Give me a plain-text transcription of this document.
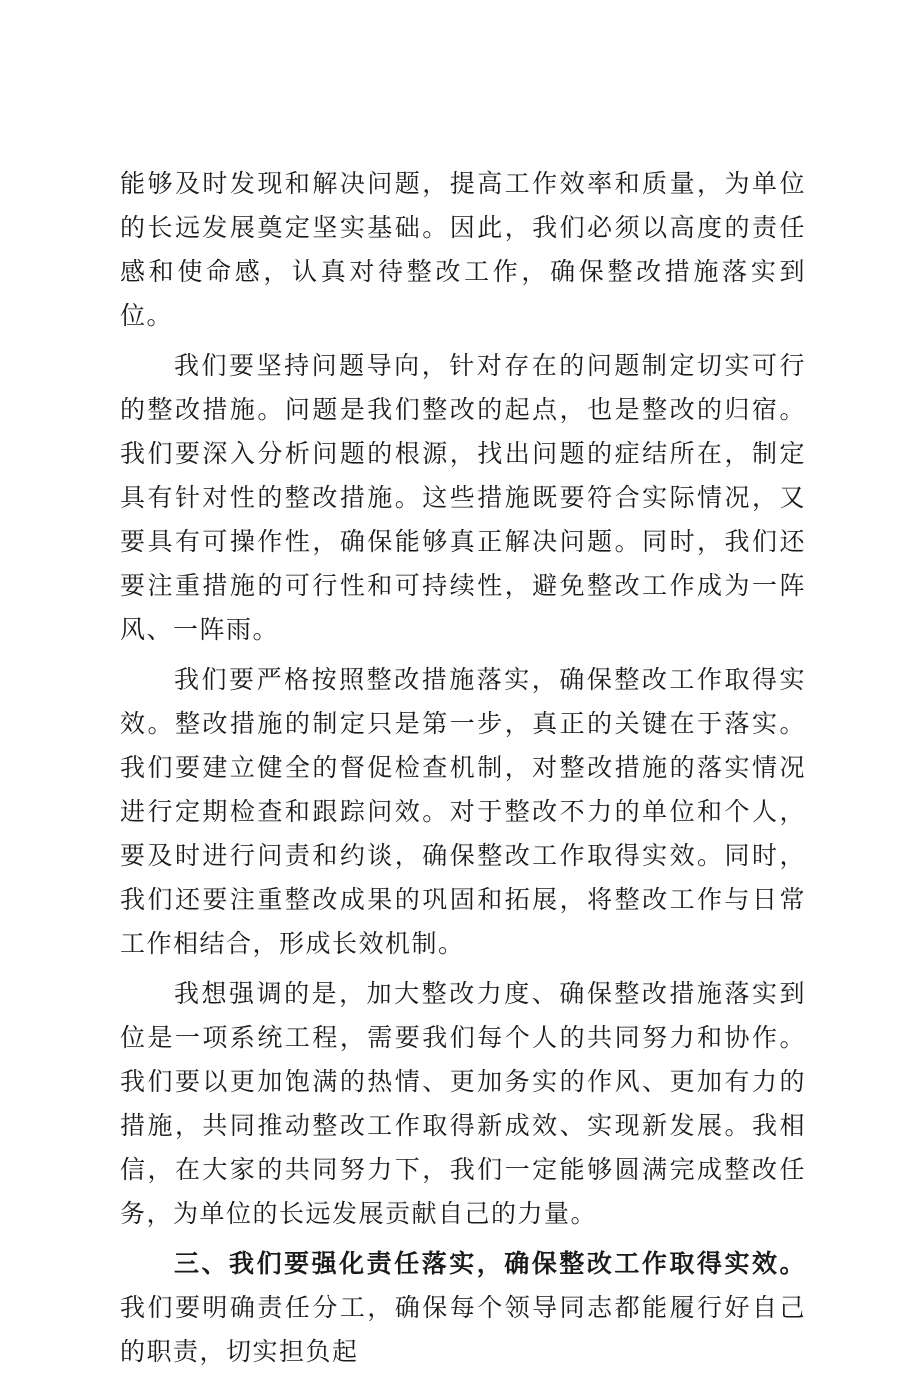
能够及时发现和解决问题，提高工作效率和质量，为单位的长远发展奠定坚实基础。因此，我们必须以高度的责任感和使命感，认真对待整改工作，确保整改措施落实到位。

我们要坚持问题导向，针对存在的问题制定切实可行的整改措施。问题是我们整改的起点，也是整改的归宿。我们要深入分析问题的根源，找出问题的症结所在，制定具有针对性的整改措施。这些措施既要符合实际情况，又要具有可操作性，确保能够真正解决问题。同时，我们还要注重措施的可行性和可持续性，避免整改工作成为一阵风、一阵雨。

我们要严格按照整改措施落实，确保整改工作取得实效。整改措施的制定只是第一步，真正的关键在于落实。我们要建立健全的督促检查机制，对整改措施的落实情况进行定期检查和跟踪问效。对于整改不力的单位和个人，要及时进行问责和约谈，确保整改工作取得实效。同时，我们还要注重整改成果的巩固和拓展，将整改工作与日常工作相结合，形成长效机制。

我想强调的是，加大整改力度、确保整改措施落实到位是一项系统工程，需要我们每个人的共同努力和协作。我们要以更加饱满的热情、更加务实的作风、更加有力的措施，共同推动整改工作取得新成效、实现新发展。我相信，在大家的共同努力下，我们一定能够圆满完成整改任务，为单位的长远发展贡献自己的力量。

三、我们要强化责任落实，确保整改工作取得实效。我们要明确责任分工，确保每个领导同志都能履行好自己的职责，切实担负起
